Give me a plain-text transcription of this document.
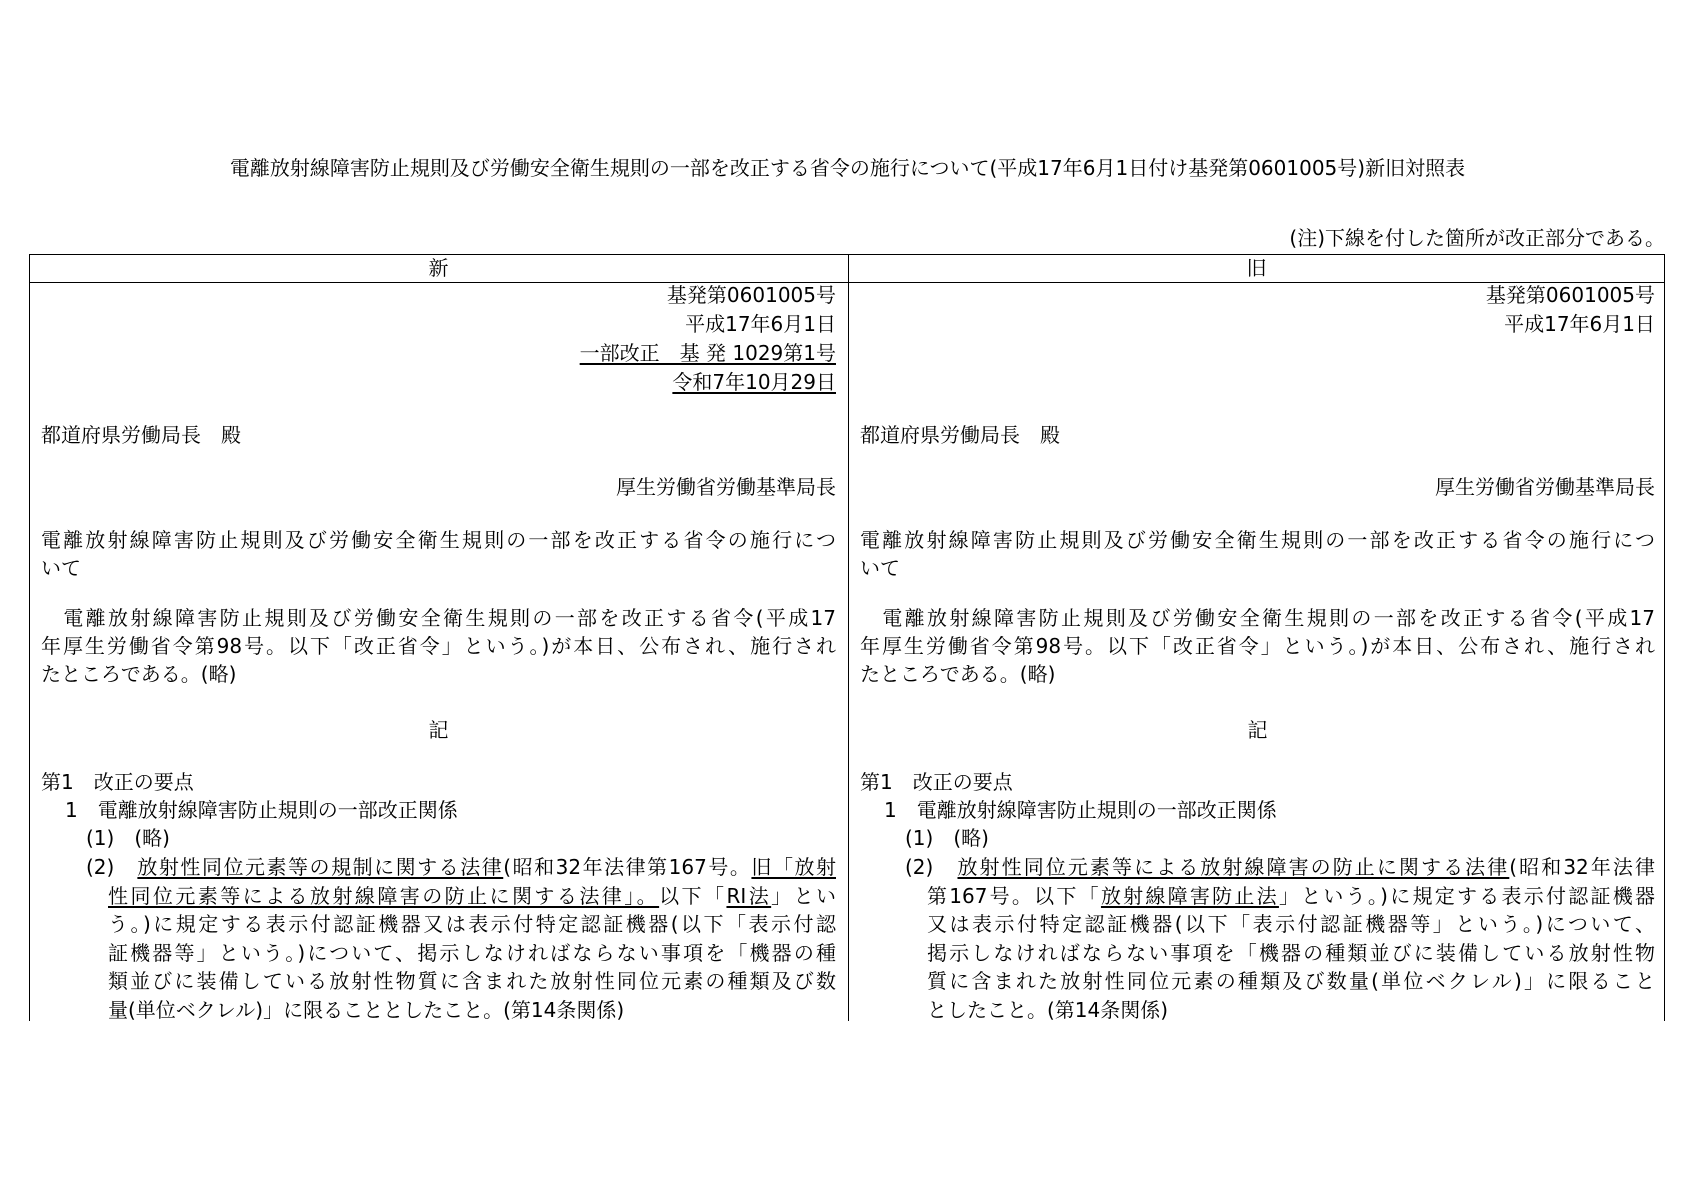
電離放射線障害防止規則及び労働安全衛生規則の一部を改正する省令の施行について(平成17年6月1日付け基発第0601005号)新旧対照表
(注)下線を付した箇所が改正部分である。
新	旧
基発第0601005号
平成17年6月1日
一部改正　基 発 1029第1号
令和7年10月29日
都道府県労働局長　殿
厚生労働省労働基準局長
電離放射線障害防止規則及び労働安全衛生規則の一部を改正する省令の施行につ
いて
　電離放射線障害防止規則及び労働安全衛生規則の一部を改正する省令(平成17
年厚生労働省令第98号。以下「改正省令」という。)が本日、公布され、施行され
たところである。(略)
記
第1　改正の要点
1　電離放射線障害防止規則の一部改正関係
(1)　(略)
(2)　放射性同位元素等の規制に関する法律(昭和32年法律第167号。旧「放射
性同位元素等による放射線障害の防止に関する法律」。以下「RI法」とい
う。)に規定する表示付認証機器又は表示付特定認証機器(以下「表示付認
証機器等」という。)について、掲示しなければならない事項を「機器の種
類並びに装備している放射性物質に含まれた放射性同位元素の種類及び数
量(単位ベクレル)」に限ることとしたこと。(第14条関係)
基発第0601005号
平成17年6月1日
都道府県労働局長　殿
厚生労働省労働基準局長
電離放射線障害防止規則及び労働安全衛生規則の一部を改正する省令の施行につ
いて
　電離放射線障害防止規則及び労働安全衛生規則の一部を改正する省令(平成17
年厚生労働省令第98号。以下「改正省令」という。)が本日、公布され、施行され
たところである。(略)
記
第1　改正の要点
1　電離放射線障害防止規則の一部改正関係
(1)　(略)
(2)　放射性同位元素等による放射線障害の防止に関する法律(昭和32年法律
第167号。以下「放射線障害防止法」という。)に規定する表示付認証機器
又は表示付特定認証機器(以下「表示付認証機器等」という。)について、
掲示しなければならない事項を「機器の種類並びに装備している放射性物
質に含まれた放射性同位元素の種類及び数量(単位ベクレル)」に限ること
としたこと。(第14条関係)
